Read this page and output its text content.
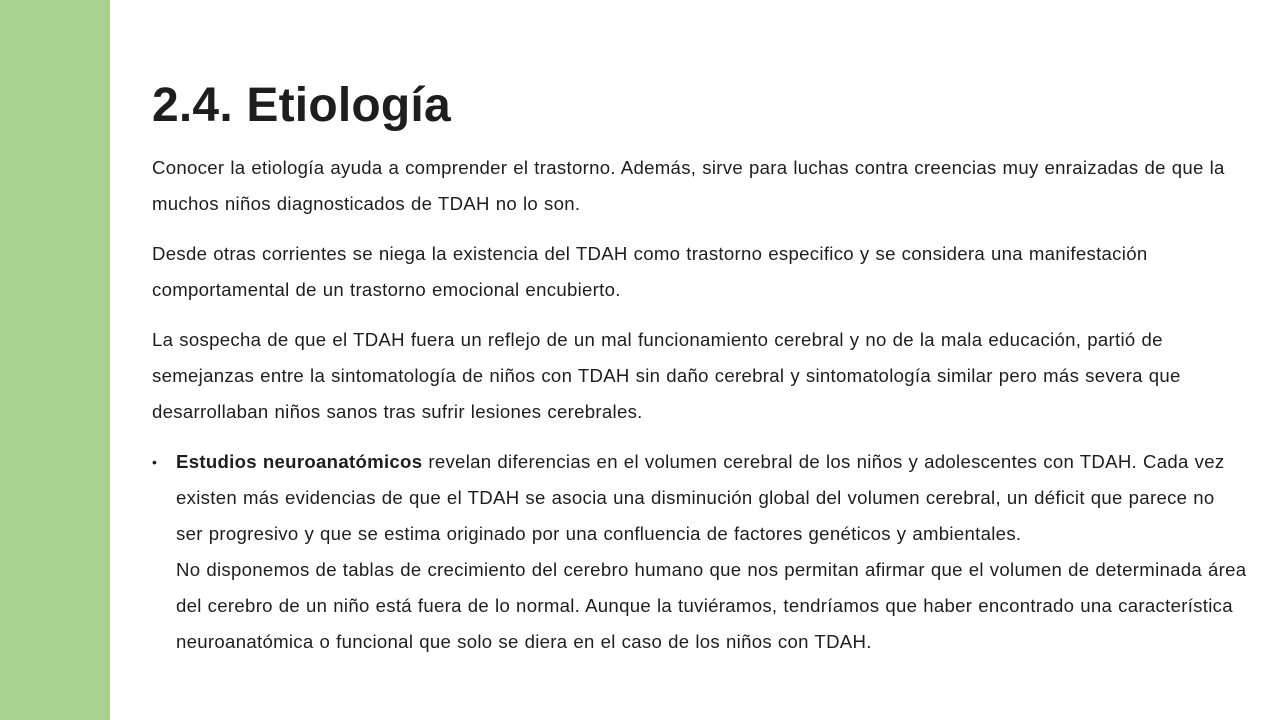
2.4. Etiología

Conocer la etiología ayuda a comprender el trastorno. Además, sirve para luchas contra creencias muy enraizadas de que la muchos niños diagnosticados de TDAH no lo son.

Desde otras corrientes se niega la existencia del TDAH como trastorno especifico y se considera una manifestación comportamental de un trastorno emocional encubierto.

La sospecha de que el TDAH fuera un reflejo de un mal funcionamiento cerebral y no de la mala educación, partió de semejanzas entre la sintomatología de niños con TDAH sin daño cerebral y sintomatología similar pero más severa que desarrollaban niños sanos tras sufrir lesiones cerebrales.

• Estudios neuroanatómicos revelan diferencias en el volumen cerebral de los niños y adolescentes con TDAH. Cada vez existen más evidencias de que el TDAH se asocia una disminución global del volumen cerebral, un déficit que parece no ser progresivo y que se estima originado por una confluencia de factores genéticos y ambientales.
No disponemos de tablas de crecimiento del cerebro humano que nos permitan afirmar que el volumen de determinada área del cerebro de un niño está fuera de lo normal. Aunque la tuviéramos, tendríamos que haber encontrado una característica neuroanatómica o funcional que solo se diera en el caso de los niños con TDAH.
